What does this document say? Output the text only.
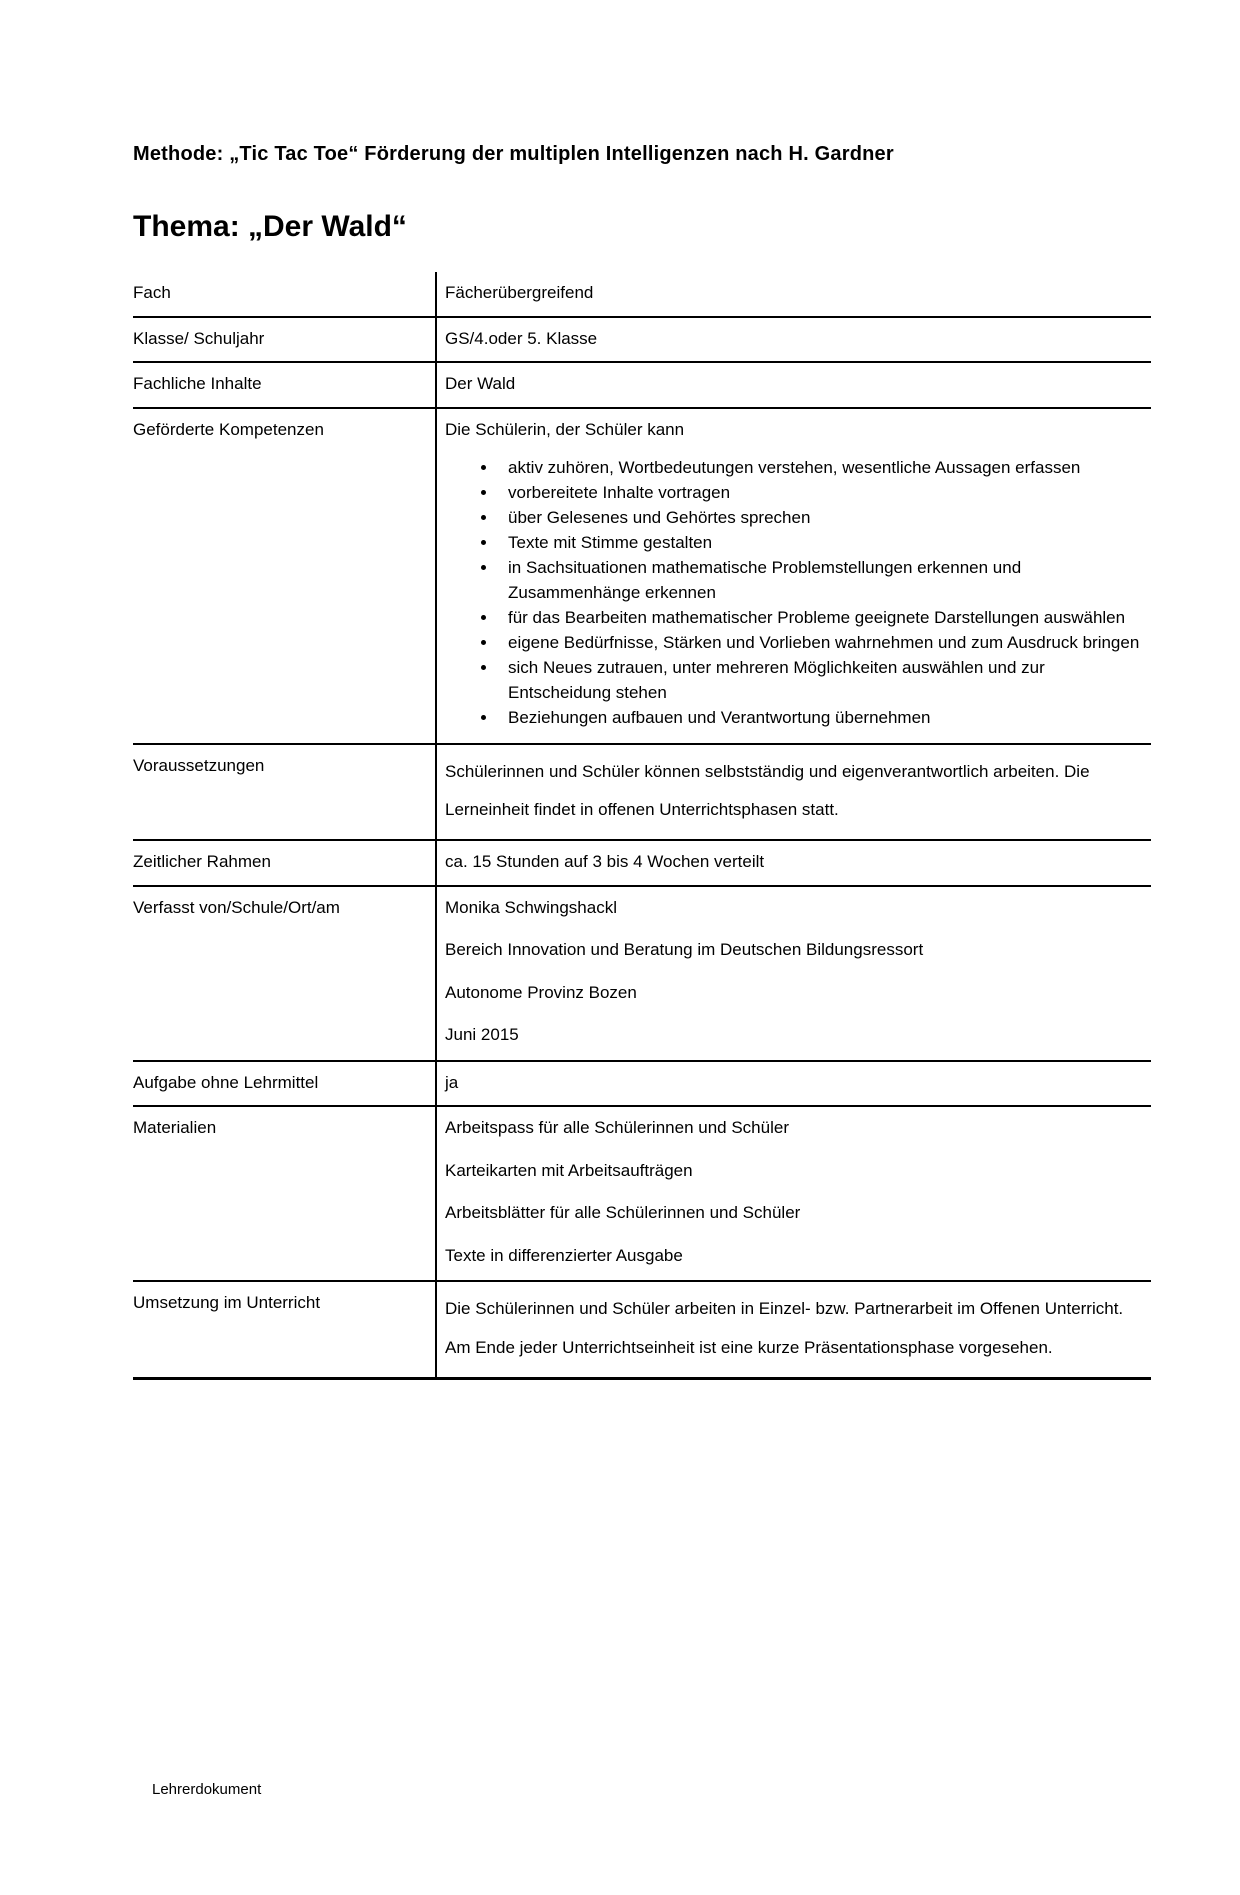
Methode: „Tic Tac Toe“ Förderung der multiplen Intelligenzen nach H. Gardner
Thema: „Der Wald“
Fach	Fächerübergreifend
Klasse/ Schuljahr	GS/4.oder 5. Klasse
Fachliche Inhalte	Der Wald
Geförderte Kompetenzen	Die Schülerin, der Schüler kann

• aktiv zuhören, Wortbedeutungen verstehen, wesentliche Aussagen erfassen
• vorbereitete Inhalte vortragen
• über Gelesenes und Gehörtes sprechen
• Texte mit Stimme gestalten
• in Sachsituationen mathematische Problemstellungen erkennen und Zusammenhänge erkennen
• für das Bearbeiten mathematischer Probleme geeignete Darstellungen auswählen
• eigene Bedürfnisse, Stärken und Vorlieben wahrnehmen und zum Ausdruck bringen
• sich Neues zutrauen, unter mehreren Möglichkeiten auswählen und zur Entscheidung stehen
• Beziehungen aufbauen und Verantwortung übernehmen
Voraussetzungen	Schülerinnen und Schüler können selbstständig und eigenverantwortlich arbeiten. Die Lerneinheit findet in offenen Unterrichtsphasen statt.

Zeitlicher Rahmen	ca. 15 Stunden auf 3 bis 4 Wochen verteilt
Verfasst von/Schule/Ort/am	Monika Schwingshackl

Bereich Innovation und Beratung im Deutschen Bildungsressort

Autonome Provinz Bozen

Juni 2015

Aufgabe ohne Lehrmittel	ja
Materialien	Arbeitspass für alle Schülerinnen und Schüler

Karteikarten mit Arbeitsaufträgen

Arbeitsblätter für alle Schülerinnen und Schüler

Texte in differenzierter Ausgabe

Umsetzung im Unterricht	Die Schülerinnen und Schüler arbeiten in Einzel- bzw. Partnerarbeit im Offenen Unterricht. Am Ende jeder Unterrichtseinheit ist eine kurze Präsentationsphase vorgesehen.

Lehrerdokument
